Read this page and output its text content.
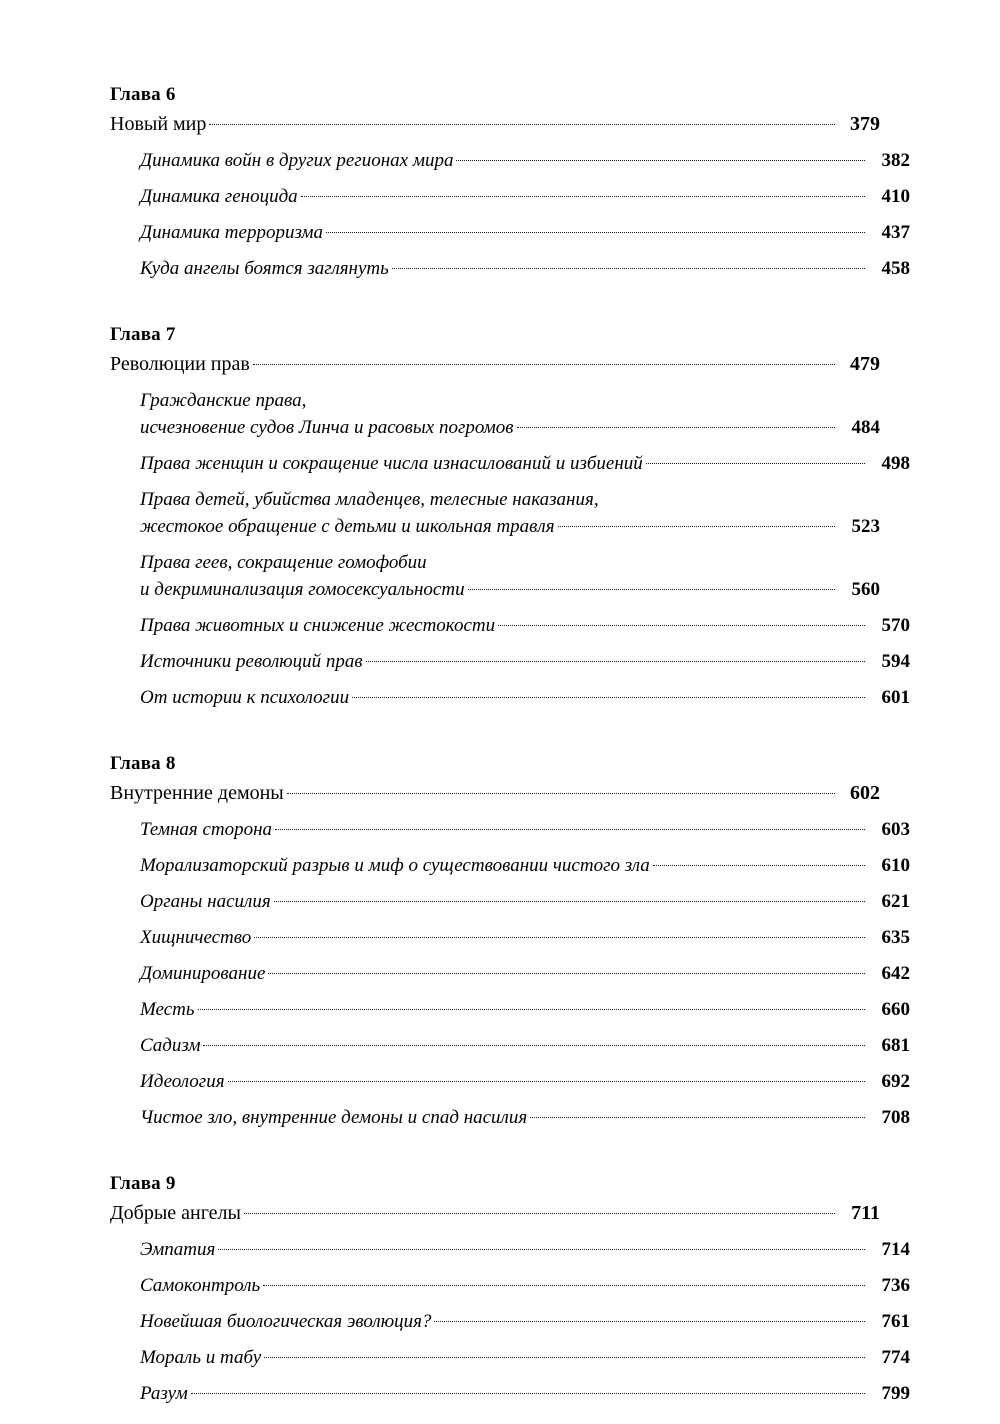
Глава 6
Новый мир	379
Динамика войн в других регионах мира	382
Динамика геноцида	410
Динамика терроризма	437
Куда ангелы боятся заглянуть	458
Глава 7
Революции прав	479
Гражданские права,
исчезновение судов Линча и расовых погромов	484
Права женщин и сокращение числа изнасилований и избиений	498
Права детей, убийства младенцев, телесные наказания,
жестокое обращение с детьми и школьная травля	523
Права геев, сокращение гомофобии
и декриминализация гомосексуальности	560
Права животных и снижение жестокости	570
Источники революций прав	594
От истории к психологии	601
Глава 8
Внутренние демоны	602
Темная сторона	603
Морализаторский разрыв и миф о существовании чистого зла	610
Органы насилия	621
Хищничество	635
Доминирование	642
Месть	660
Садизм	681
Идеология	692
Чистое зло, внутренние демоны и спад насилия	708
Глава 9
Добрые ангелы	711
Эмпатия	714
Самоконтроль	736
Новейшая биологическая эволюция?	761
Мораль и табу	774
Разум	799
